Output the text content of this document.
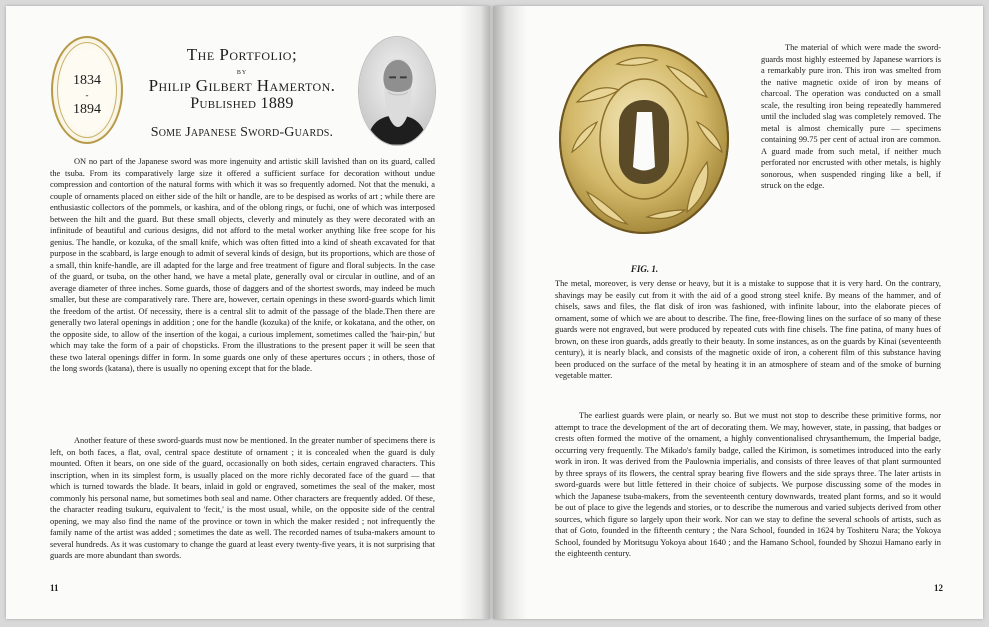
1834
-
1894
The Portfolio;
by
Philip Gilbert Hamerton.
Published 1889
Some Japanese Sword-Guards.

ON no part of the Japanese sword was more ingenuity and artistic skill lavished than on its guard, called the tsuba. From its comparatively large size it offered a sufficient surface for decoration without undue compression and contortion of the natural forms with which it was so frequently adorned. Not that the menuki, a couple of ornaments placed on either side of the hilt or handle, are to be despised as works of art ; while there are enthusiastic collectors of the pommels, or kashira, and of the oblong rings, or fuchi, one of which was interposed between the hilt and the guard. But these small objects, cleverly and minutely as they were decorated with an infinitude of beautiful and curious designs, did not afford to the metal worker anything like free scope for his genius. The handle, or kozuka, of the small knife, which was often fitted into a kind of sheath excavated for that purpose in the scabbard, is large enough to admit of several kinds of design, but its proportions, which are those of a small, thin knife-handle, are ill adapted for the large and free treatment of figure and floral subjects. In the case of the guard, or tsuba, on the other hand, we have a metal plate, generally oval or circular in outline, and of an average diameter of three inches. Some guards, those of daggers and of the shortest swords, may indeed be much smaller, but these are comparatively rare. There are, however, certain openings in these sword-guards which limit the freedom of the artist. Of necessity, there is a central slit to admit of the passage of the blade.Then there are generally two lateral openings in addition ; one for the handle (kozuka) of the knife, or kokatana, and the other, on the opposite side, to allow of the insertion of the kogai, a curious implement, sometimes called the 'hair-pin,' but which may take the form of a pair of chopsticks. From the illustrations to the present paper it will be seen that these two lateral openings differ in form. In some guards one only of these apertures occurs ; in others, those of the long swords (katana), there is usually no opening except that for the blade.

Another feature of these sword-guards must now be mentioned. In the greater number of specimens there is left, on both faces, a flat, oval, central space destitute of ornament ; it is concealed when the guard is duly mounted. Often it bears, on one side of the guard, occasionally on both sides, certain engraved characters. This inscription, when in its simplest form, is usually placed on the more richly decorated face of the guard — that which is turned towards the blade. It bears, inlaid in gold or engraved, sometimes the seal of the maker, most commonly his personal name, but sometimes both seal and name. Other characters are frequently added. Of these, the character reading tsukuru, equivalent to 'fecit,' is the most usual, while, on the opposite side of the central opening, we may also find the name of the province or town in which the maker resided ; not infrequently the family name of the artist was added ; sometimes the date as well. The recorded names of tsuba-makers amount to several hundreds. As it was customary to change the guard at least every twenty-five years, it is not surprising that guards are more abundant than swords.

11
FIG. 1.

The material of which were made the sword-guards most highly esteemed by Japanese warriors is a remarkably pure iron. This iron was smelted from the native magnetic oxide of iron by means of charcoal. The operation was conducted on a small scale, the resulting iron being repeatedly hammered until the included slag was completely removed. The metal is almost chemically pure — specimens containing 99.75 per cent of actual iron are common. A guard made from such metal, if neither much perforated nor encrusted with other metals, is highly sonorous, when suspended ringing like a bell, if struck on the edge.

The metal, moreover, is very dense or heavy, but it is a mistake to suppose that it is very hard. On the contrary, shavings may be easily cut from it with the aid of a good strong steel knife. By means of the hammer, and of chisels, saws and files, the flat disk of iron was fashioned, with infinite labour, into the elaborate pieces of ornament, some of which we are about to describe. The fine, free-flowing lines on the surface of so many of these guards were not engraved, but were produced by repeated cuts with fine chisels. The fine patina, of many hues of brown, on these iron guards, adds greatly to their beauty. In some instances, as on the guards by Kinai (seventeenth century), it is nearly black, and consists of the magnetic oxide of iron, a coherent film of this substance having been produced on the surface of the metal by heating it in an atmosphere of steam and of the smoke of burning vegetable matter.

The earliest guards were plain, or nearly so. But we must not stop to describe these primitive forms, nor attempt to trace the development of the art of decorating them. We may, however, state, in passing, that badges or crests often formed the motive of the ornament, a highly conventionalised chrysanthemum, the Imperial badge, occurring very frequently. The Mikado's family badge, called the Kirimon, is sometimes introduced into the early work in iron. It was derived from the Paulownia imperialis, and consists of three leaves of that plant surmounted by three sprays of its flowers, the central spray bearing five flowers and the side sprays three. The later artists in sword-guards were but little fettered in their choice of subjects. We purpose discussing some of the modes in which the Japanese tsuba-makers, from the seventeenth century downwards, treated plant forms, and so it would be out of place to give the legends and stories, or to describe the numerous and varied subjects derived from other sources, which figure so largely upon their work. Nor can we stay to define the several schools of artists, such as that of Goto, founded in the fifteenth century ; the Nara School, founded in 1624 by Toshiteru Nara; the Yokoya School, founded by Moritsugu Yokoya about 1640 ; and the Hamano School, founded by Shozui Hamano early in the eighteenth century.

12
